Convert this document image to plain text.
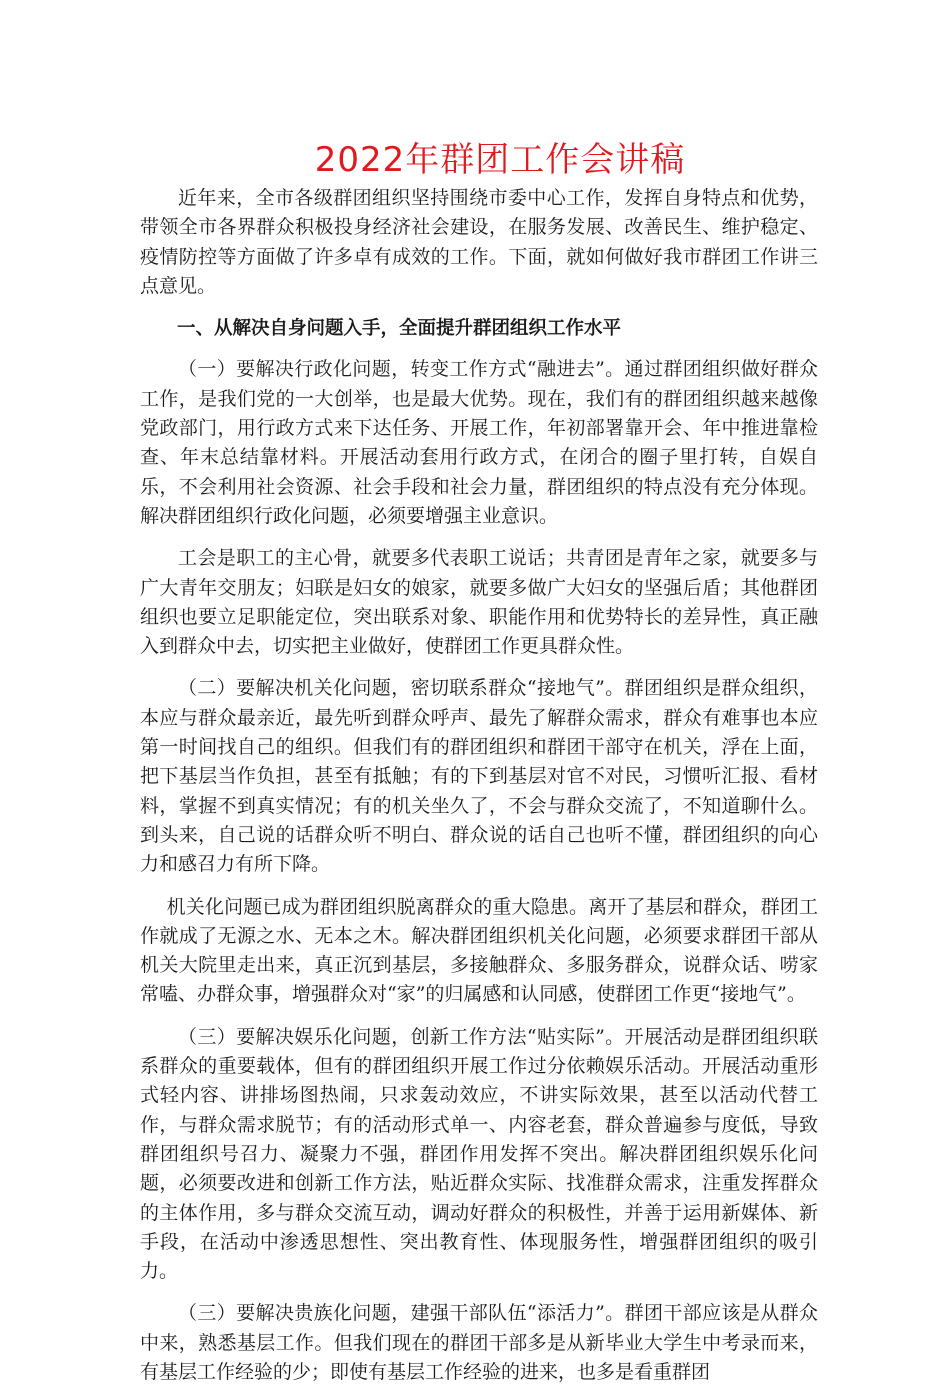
2022年群团工作会讲稿

近年来，全市各级群团组织坚持围绕市委中心工作，发挥自身特点和优势，带领全市各界群众积极投身经济社会建设，在服务发展、改善民生、维护稳定、疫情防控等方面做了许多卓有成效的工作。下面，就如何做好我市群团工作讲三点意见。

一、从解决自身问题入手，全面提升群团组织工作水平

（一）要解决行政化问题，转变工作方式“融进去”。通过群团组织做好群众工作，是我们党的一大创举，也是最大优势。现在，我们有的群团组织越来越像党政部门，用行政方式来下达任务、开展工作，年初部署靠开会、年中推进靠检查、年末总结靠材料。开展活动套用行政方式，在闭合的圈子里打转，自娱自乐，不会利用社会资源、社会手段和社会力量，群团组织的特点没有充分体现。解决群团组织行政化问题，必须要增强主业意识。

工会是职工的主心骨，就要多代表职工说话；共青团是青年之家，就要多与广大青年交朋友；妇联是妇女的娘家，就要多做广大妇女的坚强后盾；其他群团组织也要立足职能定位，突出联系对象、职能作用和优势特长的差异性，真正融入到群众中去，切实把主业做好，使群团工作更具群众性。

（二）要解决机关化问题，密切联系群众“接地气”。群团组织是群众组织，本应与群众最亲近，最先听到群众呼声、最先了解群众需求，群众有难事也本应第一时间找自己的组织。但我们有的群团组织和群团干部守在机关，浮在上面，把下基层当作负担，甚至有抵触；有的下到基层对官不对民，习惯听汇报、看材料，掌握不到真实情况；有的机关坐久了，不会与群众交流了，不知道聊什么。到头来，自己说的话群众听不明白、群众说的话自己也听不懂，群团组织的向心力和感召力有所下降。

机关化问题已成为群团组织脱离群众的重大隐患。离开了基层和群众，群团工作就成了无源之水、无本之木。解决群团组织机关化问题，必须要求群团干部从机关大院里走出来，真正沉到基层，多接触群众、多服务群众，说群众话、唠家常嗑、办群众事，增强群众对“家”的归属感和认同感，使群团工作更“接地气”。

（三）要解决娱乐化问题，创新工作方法“贴实际”。开展活动是群团组织联系群众的重要载体，但有的群团组织开展工作过分依赖娱乐活动。开展活动重形式轻内容、讲排场图热闹，只求轰动效应，不讲实际效果，甚至以活动代替工作，与群众需求脱节；有的活动形式单一、内容老套，群众普遍参与度低，导致群团组织号召力、凝聚力不强，群团作用发挥不突出。解决群团组织娱乐化问题，必须要改进和创新工作方法，贴近群众实际、找准群众需求，注重发挥群众的主体作用，多与群众交流互动，调动好群众的积极性，并善于运用新媒体、新手段，在活动中渗透思想性、突出教育性、体现服务性，增强群团组织的吸引力。

（三）要解决贵族化问题，建强干部队伍“添活力”。群团干部应该是从群众中来，熟悉基层工作。但我们现在的群团干部多是从新毕业大学生中考录而来，有基层工作经验的少；即使有基层工作经验的进来，也多是看重群团
